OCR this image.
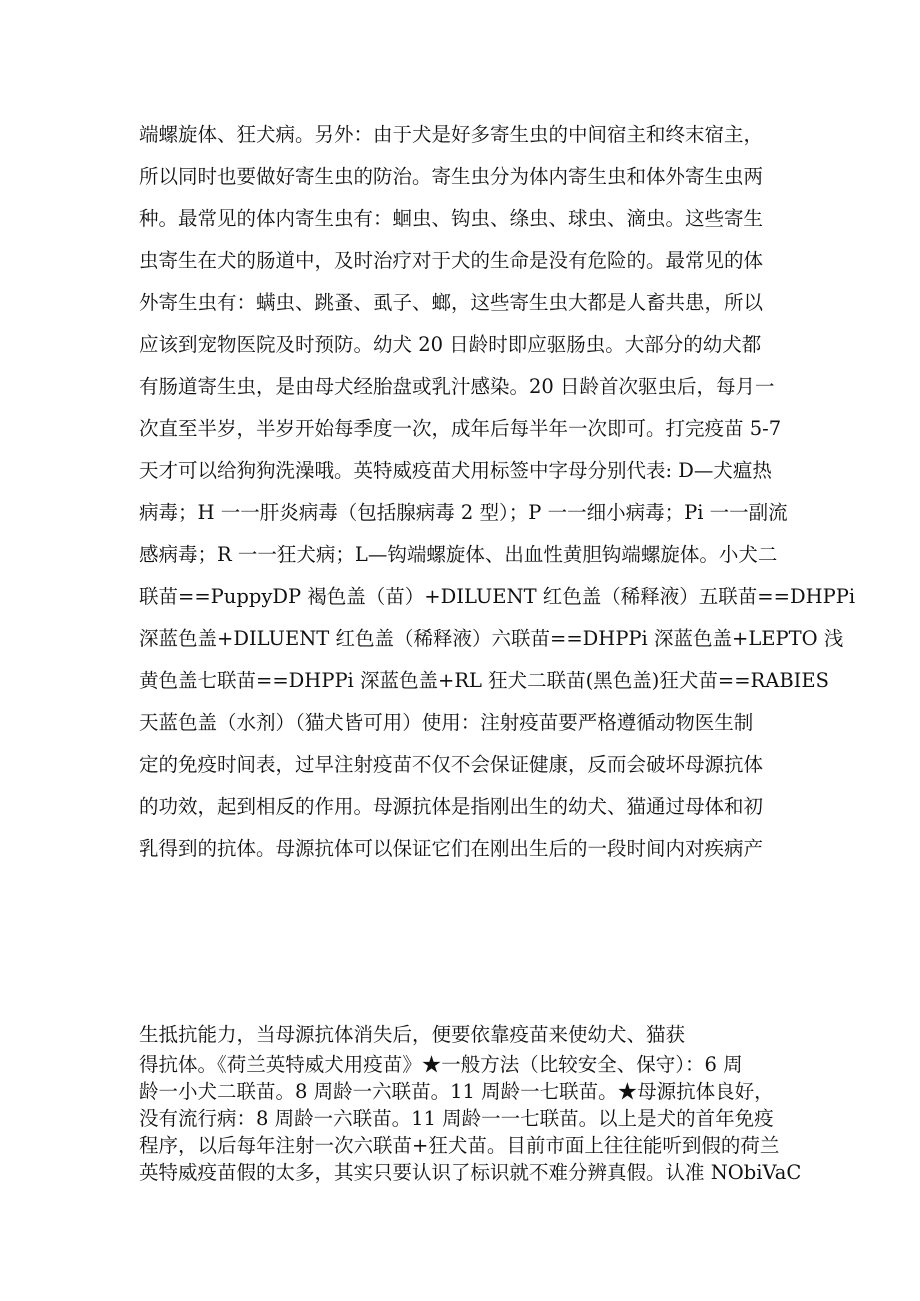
端螺旋体、狂犬病。另外：由于犬是好多寄生虫的中间宿主和终末宿主，
所以同时也要做好寄生虫的防治。寄生虫分为体内寄生虫和体外寄生虫两
种。最常见的体内寄生虫有：蛔虫、钩虫、绦虫、球虫、滴虫。这些寄生
虫寄生在犬的肠道中，及时治疗对于犬的生命是没有危险的。最常见的体
外寄生虫有：螨虫、跳蚤、虱子、螂，这些寄生虫大都是人畜共患，所以
应该到宠物医院及时预防。幼犬 20 日龄时即应驱肠虫。大部分的幼犬都
有肠道寄生虫，是由母犬经胎盘或乳汁感染。20 日龄首次驱虫后，每月一
次直至半岁，半岁开始每季度一次，成年后每半年一次即可。打完疫苗 5-7
天才可以给狗狗洗澡哦。英特威疫苗犬用标签中字母分别代表: D—犬瘟热
病毒；H 一一肝炎病毒（包括腺病毒 2 型）；P 一一细小病毒；Pi 一一副流
感病毒；R 一一狂犬病；L—钩端螺旋体、出血性黄胆钩端螺旋体。小犬二
联苗==PuppyDP 褐色盖（苗）+DILUENT 红色盖（稀释液）五联苗==DHPPi
深蓝色盖+DILUENT 红色盖（稀释液）六联苗==DHPPi 深蓝色盖+LEPTO 浅
黄色盖七联苗==DHPPi 深蓝色盖+RL 狂犬二联苗(黑色盖)狂犬苗==RABIES
天蓝色盖（水剂）（猫犬皆可用）使用：注射疫苗要严格遵循动物医生制
定的免疫时间表，过早注射疫苗不仅不会保证健康，反而会破坏母源抗体
的功效，起到相反的作用。母源抗体是指刚出生的幼犬、猫通过母体和初
乳得到的抗体。母源抗体可以保证它们在刚出生后的一段时间内对疾病产
生抵抗能力，当母源抗体消失后，便要依靠疫苗来使幼犬、猫获
得抗体。《荷兰英特威犬用疫苗》★一般方法（比较安全、保守）：6 周
龄一小犬二联苗。8 周龄一六联苗。11 周龄一七联苗。★母源抗体良好，
没有流行病：8 周龄一六联苗。11 周龄一一七联苗。以上是犬的首年免疫
程序，以后每年注射一次六联苗+狂犬苗。目前市面上往往能听到假的荷兰
英特威疫苗假的太多，其实只要认识了标识就不难分辨真假。认准 NObiVaC
